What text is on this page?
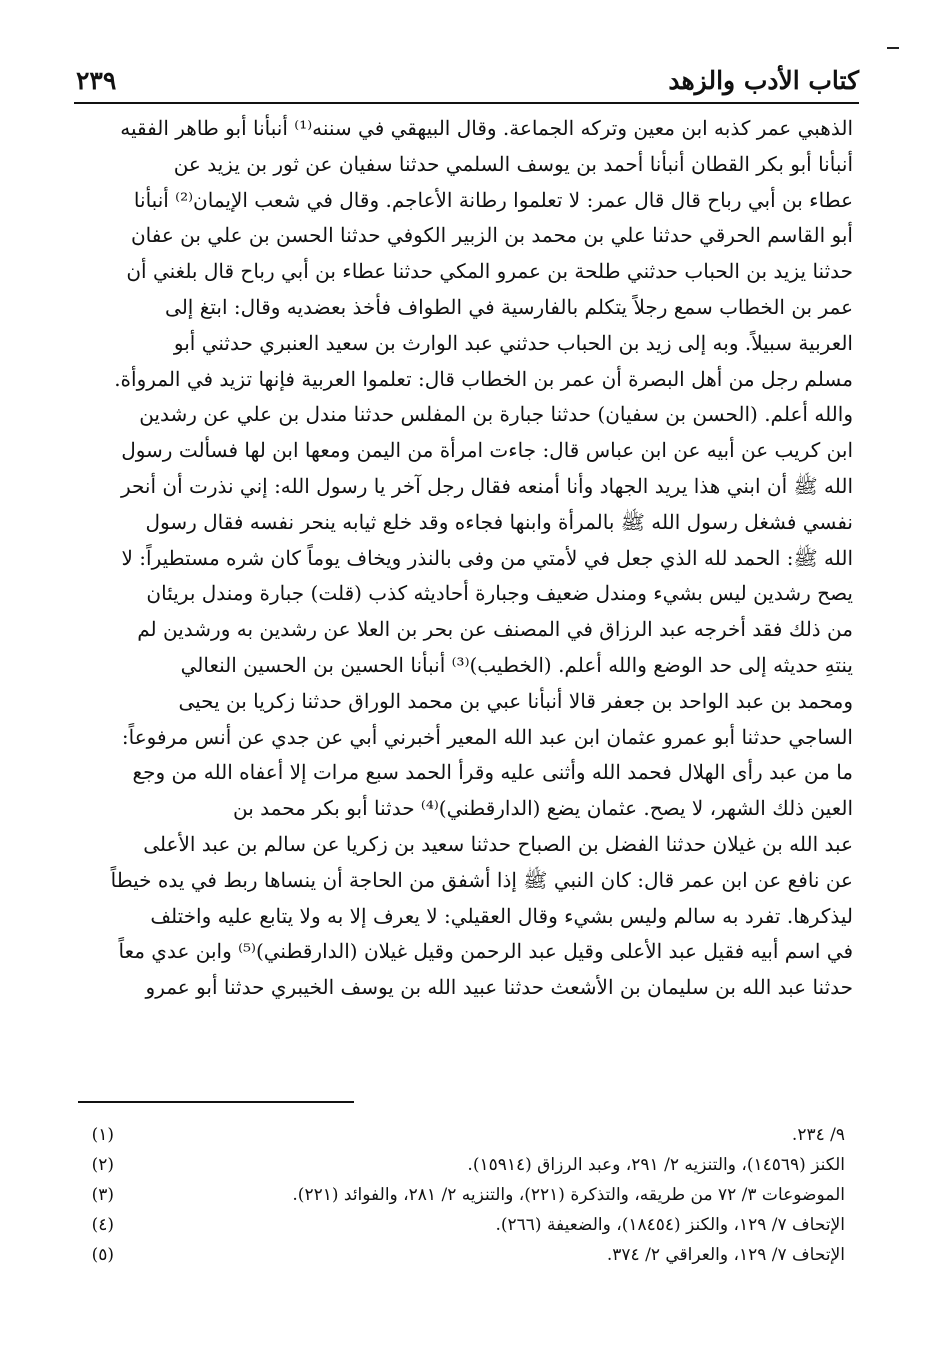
كتاب الأدب والزهد
٢٣٩
الذهبي عمر كذبه ابن معين وتركه الجماعة. وقال البيهقي في سننه⁽¹⁾ أنبأنا أبو طاهر الفقيه
أنبأنا أبو بكر القطان أنبأنا أحمد بن يوسف السلمي حدثنا سفيان عن ثور بن يزيد عن
عطاء بن أبي رباح قال قال عمر: لا تعلموا رطانة الأعاجم. وقال في شعب الإيمان⁽²⁾ أنبأنا
أبو القاسم الحرقي حدثنا علي بن محمد بن الزبير الكوفي حدثنا الحسن بن علي بن عفان
حدثنا يزيد بن الحباب حدثني طلحة بن عمرو المكي حدثنا عطاء بن أبي رباح قال بلغني أن
عمر بن الخطاب سمع رجلاً يتكلم بالفارسية في الطواف فأخذ بعضديه وقال: ابتغ إلى
العربية سبيلاً. وبه إلى زيد بن الحباب حدثني عبد الوارث بن سعيد العنبري حدثني أبو
مسلم رجل من أهل البصرة أن عمر بن الخطاب قال: تعلموا العربية فإنها تزيد في المروأة.
والله أعلم. (الحسن بن سفيان) حدثنا جبارة بن المفلس حدثنا مندل بن علي عن رشدين
ابن كريب عن أبيه عن ابن عباس قال: جاءت امرأة من اليمن ومعها ابن لها فسألت رسول
الله ﷺ أن ابني هذا يريد الجهاد وأنا أمنعه فقال رجل آخر يا رسول الله: إني نذرت أن أنحر
نفسي فشغل رسول الله ﷺ بالمرأة وابنها فجاءه وقد خلع ثيابه ينحر نفسه فقال رسول
الله ﷺ: الحمد لله الذي جعل في لأمتي من وفى بالنذر ويخاف يوماً كان شره مستطيراً: لا
يصح رشدين ليس بشيء ومندل ضعيف وجبارة أحاديثه كذب (قلت) جبارة ومندل بريئان
من ذلك فقد أخرجه عبد الرزاق في المصنف عن بحر بن العلا عن رشدين به ورشدين لم
ينتهِ حديثه إلى حد الوضع والله أعلم. (الخطيب)⁽³⁾ أنبأنا الحسين بن الحسين النعالي
ومحمد بن عبد الواحد بن جعفر قالا أنبأنا عبي بن محمد الوراق حدثنا زكريا بن يحيى
الساجي حدثنا أبو عمرو عثمان ابن عبد الله المعير أخبرني أبي عن جدي عن أنس مرفوعاً:
ما من عبد رأى الهلال فحمد الله وأثنى عليه وقرأ الحمد سبع مرات إلا أعفاه الله من وجع
العين ذلك الشهر، لا يصح. عثمان يضع (الدارقطني)⁽⁴⁾ حدثنا أبو بكر محمد بن
عبد الله بن غيلان حدثنا الفضل بن الصباح حدثنا سعيد بن زكريا عن سالم بن عبد الأعلى
عن نافع عن ابن عمر قال: كان النبي ﷺ إذا أشفق من الحاجة أن ينساها ربط في يده خيطاً
ليذكرها. تفرد به سالم وليس بشيء وقال العقيلي: لا يعرف إلا به ولا يتابع عليه واختلف
في اسم أبيه فقيل عبد الأعلى وقيل عبد الرحمن وقيل غيلان (الدارقطني)⁽⁵⁾ وابن عدي معاً
حدثنا عبد الله بن سليمان بن الأشعث حدثنا عبيد الله بن يوسف الخيبري حدثنا أبو عمرو
٩/ ٢٣٤.
(١)
الكنز (١٤٥٦٩)، والتنزيه ٢/ ٢٩١، وعبد الرزاق (١٥٩١٤).
(٢)
الموضوعات ٣/ ٧٢ من طريقه، والتذكرة (٢٢١)، والتنزيه ٢/ ٢٨١، والفوائد (٢٢١).
(٣)
الإتحاف ٧/ ١٢٩، والكنز (١٨٤٥٤)، والضعيفة (٢٦٦).
(٤)
الإتحاف ٧/ ١٢٩، والعراقي ٢/ ٣٧٤.
(٥)
